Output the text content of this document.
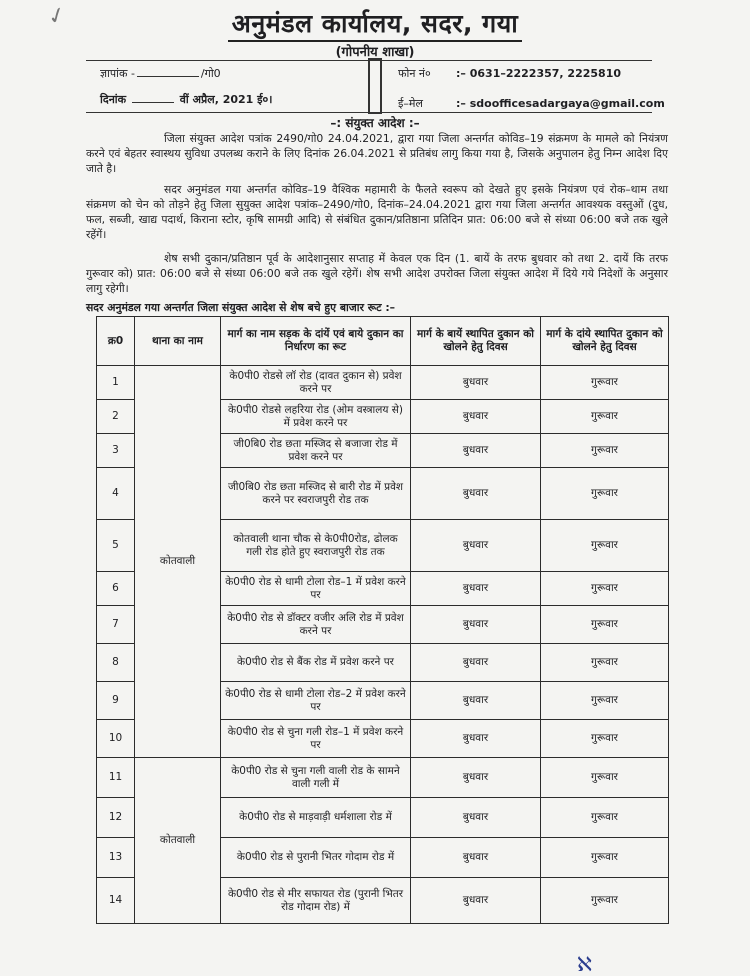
✓	अनुमंडल कार्यालय, सदर, गया
(गोपनीय शाखा)
ज्ञापांक -	/गो0
दिनांक	वीं अप्रैल, 2021 ई०।
फोन नं० :– 0631–2222357, 2225810
ई–मेल	:– sdoofficesadargaya@gmail.com
–: संयुक्त आदेश :–
जिला संयुक्त आदेश पत्रांक 2490/गो0 24.04.2021, द्वारा गया जिला अन्तर्गत कोविड–19 संक्रमण के मामले को नियंत्रण करने एवं बेहतर स्वास्थय सुविधा उपलब्ध कराने के लिए दिनांक 26.04.2021 से प्रतिबंध लागु किया गया है, जिसके अनुपालन हेतु निम्न आदेश दिए जाते है।
सदर अनुमंडल गया अन्तर्गत कोविड–19 वैश्विक महामारी के फैलते स्वरूप को देखते हुए इसके नियंत्रण एवं रोक–थाम तथा संक्रमण को चेन को तोड़ने हेतु जिला सुयुक्त आदेश पत्रांक–2490/गो0, दिनांक–24.04.2021 द्वारा गया जिला अन्तर्गत आवश्यक वस्तुओं (दुध, फल, सब्जी, खाद्य पदार्थ, किराना स्टोर, कृषि सामग्री आदि) से संबंधित दुकान/प्रतिष्ठाना प्रतिदिन प्रात: 06:00 बजे से संध्या 06:00 बजे तक खुले रहेंगें।
शेष सभी दुकान/प्रतिष्ठान पूर्व के आदेशानुसार सप्ताह में केवल एक दिन (1. बायें के तरफ बुधवार को तथा 2. दायें कि तरफ गुरूवार को) प्रात: 06:00 बजे से संध्या 06:00 बजे तक खुले रहेगें। शेष सभी आदेश उपरोक्त जिला संयुक्त आदेश में दिये गये निदेशों के अनुसार लागु रहेगी।
सदर अनुमंडल गया अन्तर्गत जिला संयुक्त आदेश से शेष बचे हुए बाजार रूट :–
क्र0	थाना का नाम	मार्ग का नाम सड़क के दांयें एवं बाये दुकान का निर्धारण का रूट	मार्ग के बायें स्थापित दुकान को खोलने हेतु दिवस	मार्ग के दांये स्थापित दुकान को खोलने हेतु दिवस
1	कोतवाली	के0पी0 रोडसे लॉ रोड (दावत दुकान से) प्रवेश करने पर	बुधवार	गुरूवार
2		के0पी0 रोडसे लहरिया रोड (ओम वस्त्रालय से) में प्रवेश करने पर	बुधवार	गुरूवार
3		जी0बि0 रोड छता मस्जिद से बजाजा रोड में प्रवेश करने पर	बुधवार	गुरूवार
4		जी0बि0 रोड छता मस्जिद से बारी रोड में प्रवेश करने पर स्वराजपुरी रोड तक	बुधवार	गुरूवार
5		कोतवाली थाना चौक से के0पी0रोड, ढोलक गली रोड होते हुए स्वराजपुरी रोड तक	बुधवार	गुरूवार
6		के0पी0 रोड से धामी टोला रोड–1 में प्रवेश करने पर	बुधवार	गुरूवार
7		के0पी0 रोड से डॉक्टर वजीर अलि रोड में प्रवेश करने पर	बुधवार	गुरूवार
8		के0पी0 रोड से बैंक रोड में प्रवेश करने पर	बुधवार	गुरूवार
9		के0पी0 रोड से धामी टोला रोड–2 में प्रवेश करने पर	बुधवार	गुरूवार
10		के0पी0 रोड से चुना गली रोड–1 में प्रवेश करने पर	बुधवार	गुरूवार
11	कोतवाली	के0पी0 रोड से चुना गली वाली रोड के सामने वाली गली में	बुधवार	गुरूवार
12		के0पी0 रोड से माड़वाड़ी धर्मशाला रोड में	बुधवार	गुरूवार
13		के0पी0 रोड से पुरानी भितर गोदाम रोड में	बुधवार	गुरूवार
14		के0पी0 रोड से मीर सफायत रोड (पुरानी भितर रोड गोदाम रोड) में	बुधवार	गुरूवार
ℵ
